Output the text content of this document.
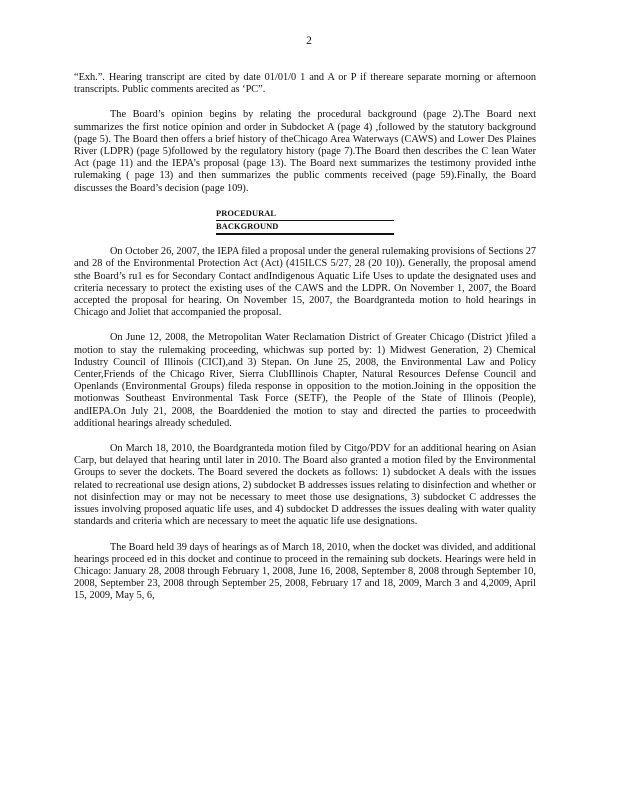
2

“Exh.”. Hearing transcript are cited by date 01/01/0 1 and A or P if thereare separate morning or afternoon transcripts. Public comments arecited as ‘PC”.

The Board’s opinion begins by relating the procedural background (page 2).The Board next summarizes the first notice opinion and order in Subdocket A (page 4) ,followed by the statutory background (page 5). The Board then offers a brief history of theChicago Area Waterways (CAWS) and Lower Des Plaines River (LDPR) (page 5)followed by the regulatory history (page 7).The Board then describes the C lean Water Act (page 11) and the IEPA’s proposal (page 13). The Board next summarizes the testimony provided inthe rulemaking ( page 13) and then summarizes the public comments received (page 59).Finally, the Board discusses the Board’s decision (page 109).

PROCEDURALBACKGROUND

On October 26, 2007, the IEPA filed a proposal under the general rulemaking provisions of Sections 27 and 28 of the Environmental Protection Act (Act) (415ILCS 5/27, 28 (20 10)). Generally, the proposal amend sthe Board’s ru1 es for Secondary Contact andIndigenous Aquatic Life Uses to update the designated uses and criteria necessary to protect the existing uses of the CAWS and the LDPR. On November 1, 2007, the Board accepted the proposal for hearing. On November 15, 2007, the Boardgranteda motion to hold hearings in Chicago and Joliet that accompanied the proposal.

On June 12, 2008, the Metropolitan Water Reclamation District of Greater Chicago (District )filed a motion to stay the rulemaking proceeding, whichwas sup ported by: 1) Midwest Generation, 2) Chemical Industry Council of Illinois (CICI),and 3) Stepan. On June 25, 2008, the Environmental Law and Policy Center,Friends of the Chicago River, Sierra ClubIllinois Chapter, Natural Resources Defense Council and Openlands (Environmental Groups) fileda response in opposition to the motion.Joining in the opposition the motionwas Southeast Environmental Task Force (SETF), the People of the State of Illinois (People), andIEPA.On July 21, 2008, the Boarddenied the motion to stay and directed the parties to proceedwith additional hearings already scheduled.

On March 18, 2010, the Boardgranteda motion filed by Citgo/PDV for an additional hearing on Asian Carp, but delayed that hearing until later in 2010. The Board also granted a motion filed by the Environmental Groups to sever the dockets. The Board severed the dockets as follows: 1) subdocket A deals with the issues related to recreational use design ations, 2) subdocket B addresses issues relating to disinfection and whether or not disinfection may or may not be necessary to meet those use designations, 3) subdocket C addresses the issues involving proposed aquatic life uses, and 4) subdocket D addresses the issues dealing with water quality standards and criteria which are necessary to meet the aquatic life use designations.

The Board held 39 days of hearings as of March 18, 2010, when the docket was divided, and additional hearings proceed ed in this docket and continue to proceed in the remaining sub dockets. Hearings were held in Chicago: January 28, 2008 through February 1, 2008, June 16, 2008, September 8, 2008 through September 10, 2008, September 23, 2008 through September 25, 2008, February 17 and 18, 2009, March 3 and 4,2009, April 15, 2009, May 5, 6,
